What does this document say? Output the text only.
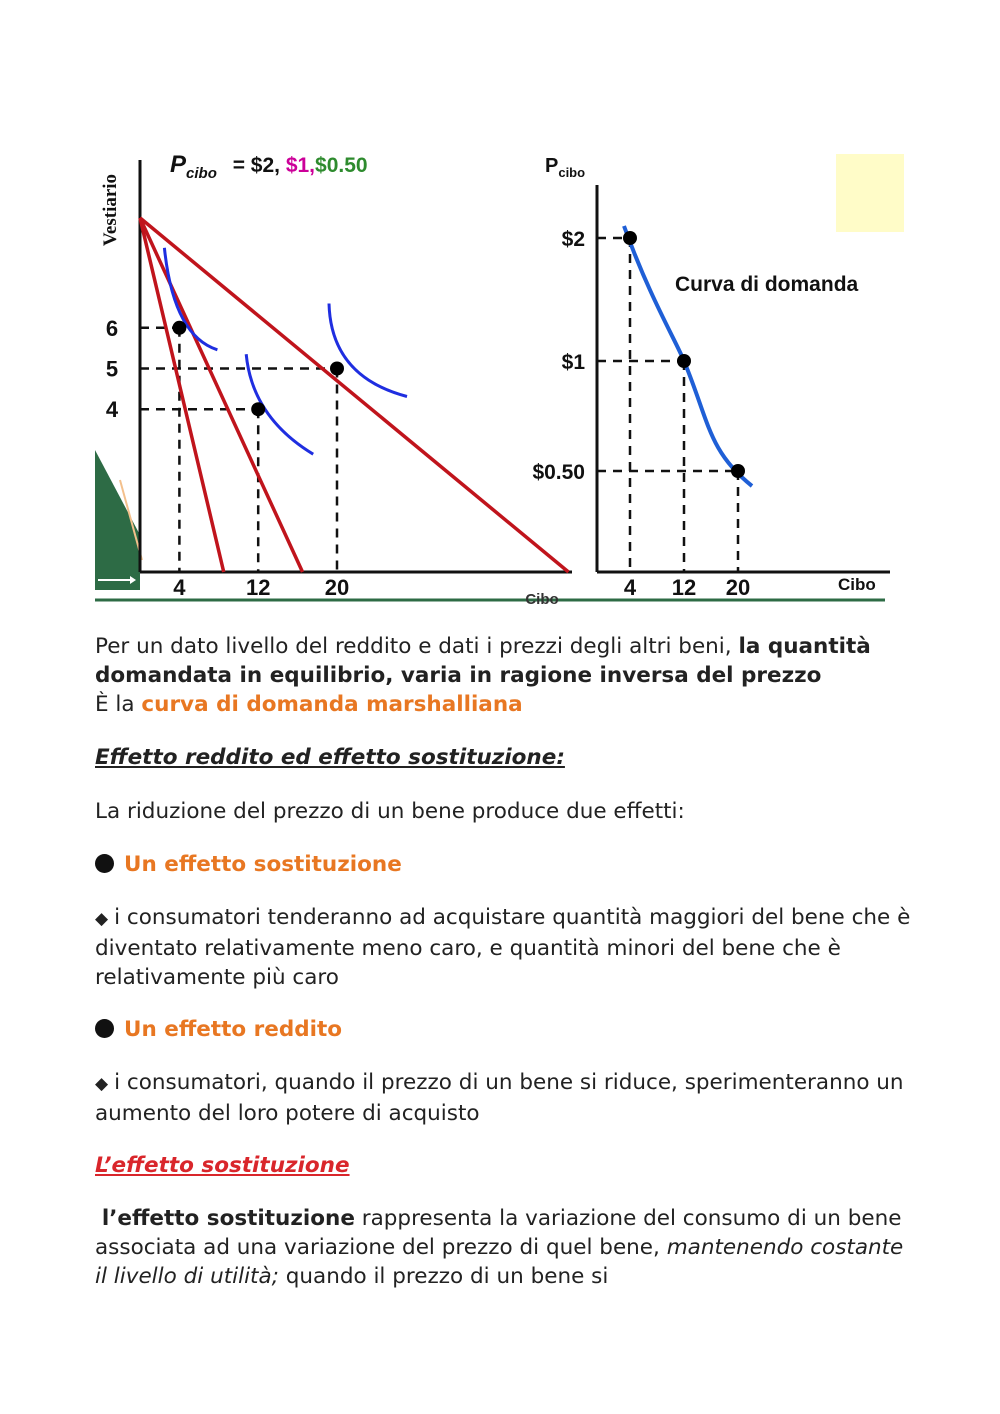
4	12 20
6
5
4
Vestiario
Cibo
$P_{cibo}$ = $2, $1,$0.50
$2
$1
$0.50
4 12 20
$P_{cibo}$
Curva di domanda
Cibo

Per un dato livello del reddito e dati i prezzi degli altri beni, la quantità domandata in equilibrio, varia in ragione inversa del prezzo
È la curva di domanda marshalliana

Effetto reddito ed effetto sostituzione:

La riduzione del prezzo di un bene produce due effetti:

Un effetto sostituzione

◆ i consumatori tenderanno ad acquistare quantità maggiori del bene che è diventato relativamente meno caro, e quantità minori del bene che è relativamente più caro

Un effetto reddito

◆ i consumatori, quando il prezzo di un bene si riduce, sperimenteranno un aumento del loro potere di acquisto

L’effetto sostituzione

l’effetto sostituzione rappresenta la variazione del consumo di un bene associata ad una variazione del prezzo di quel bene, mantenendo costante il livello di utilità; quando il prezzo di un bene si
